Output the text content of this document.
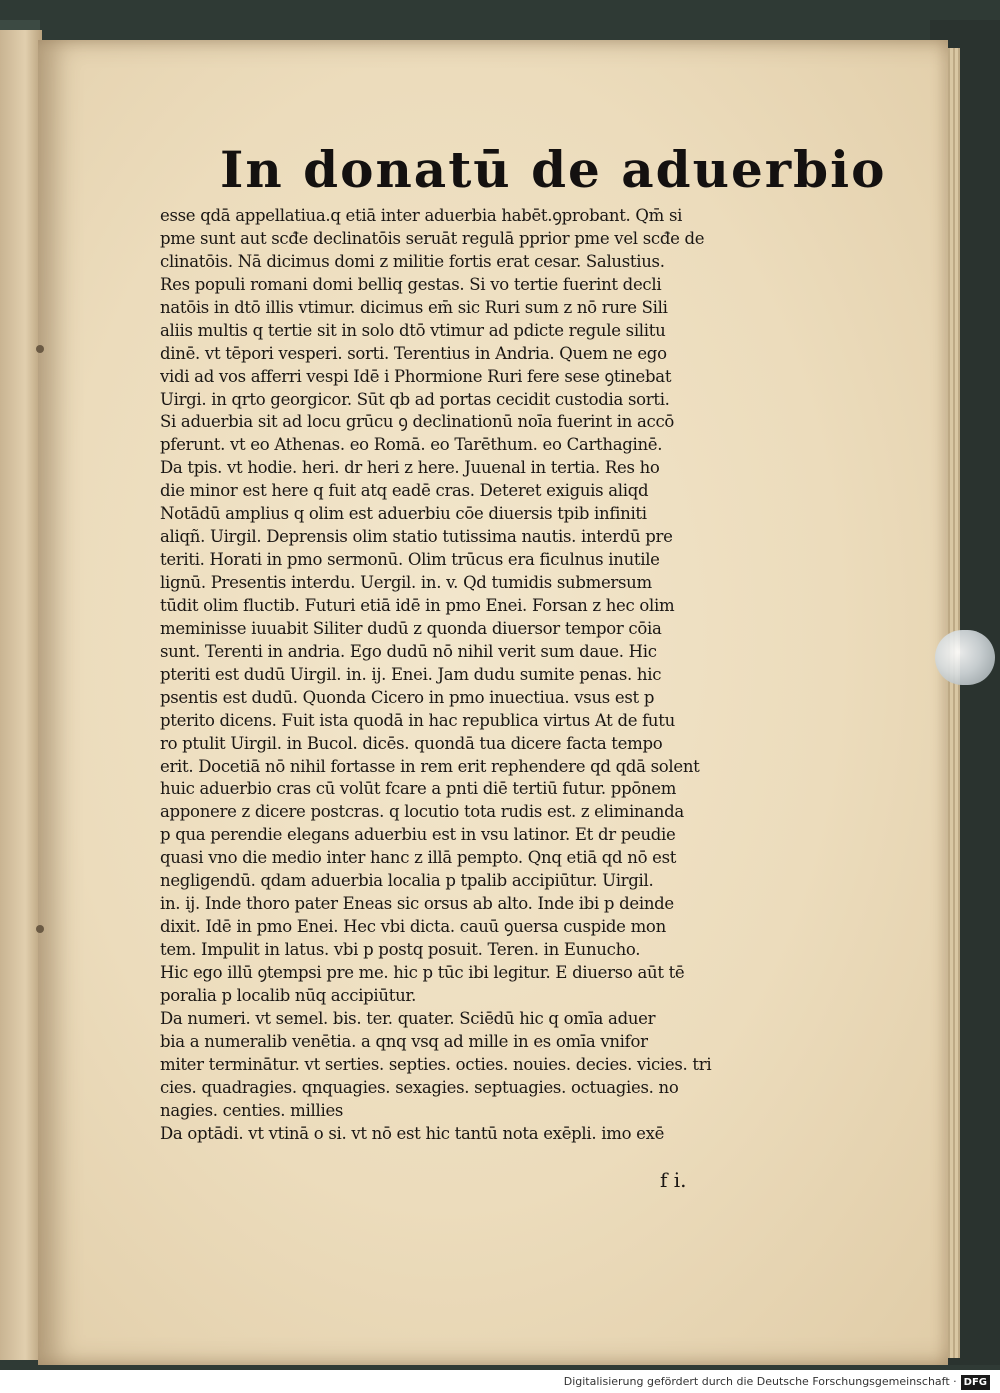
In donatū de aduerbio
esse qdā appellatiua.q etiā inter aduerbia habēt.ꝯprobant. Qm̄ si
pme sunt aut scđe declinatōis seruāt regulā pprior pme vel scđe de
clinatōis. Nā dicimus domi z militie fortis erat cesar. Salustius.
Res populi romani domi belliq gestas. Si vo tertie fuerint decli
natōis in dtō illis vtimur. dicimus em̄ sic Ruri sum z nō rure Sili
aliis multis q tertie sit in solo dtō vtimur ad pdicte regule silitu
dinē. vt tēpori vesperi. sorti. Terentius in Andria. Quem ne ego
vidi ad vos afferri vespi Idē i Phormione Ruri fere sese ꝯtinebat
Uirgi. in qrto georgicor. Sūt qb ad portas cecidit custodia sorti.
Si aduerbia sit ad locu grūcu ꝯ declinationū noīa fuerint in accō
pferunt. vt eo Athenas. eo Romā. eo Tarēthum. eo Carthaginē.
Da tpis. vt hodie. heri. dr heri z here. Juuenal in tertia. Res ho
die minor est here q fuit atq eadē cras. Deteret exiguis aliqd
Notādū amplius q olim est aduerbiu cōe diuersis tpib infiniti
aliqñ. Uirgil. Deprensis olim statio tutissima nautis. interdū pre
teriti. Horati in pmo sermonū. Olim trūcus era ficulnus inutile
lignū. Presentis interdu. Uergil. in. v. Qd tumidis submersum
tūdit olim fluctib. Futuri etiā idē in pmo Enei. Forsan z hec olim
meminisse iuuabit Siliter dudū z quonda diuersor tempor cōia
sunt. Terenti in andria. Ego dudū nō nihil verit sum daue. Hic
pteriti est dudū Uirgil. in. ij. Enei. Jam dudu sumite penas. hic
psentis est dudū. Quonda Cicero in pmo inuectiua. vsus est p
pterito dicens. Fuit ista quodā in hac republica virtus At de futu
ro ptulit Uirgil. in Bucol. dicēs. quondā tua dicere facta tempo
erit. Docetiā nō nihil fortasse in rem erit rephendere qd qdā solent
huic aduerbio cras cū volūt fcare a pnti diē tertiū futur. ppōnem
apponere z dicere postcras. q locutio tota rudis est. z eliminanda
p qua perendie elegans aduerbiu est in vsu latinor. Et dr peudie
quasi vno die medio inter hanc z illā pempto. Qnq etiā qd nō est
negligendū. qdam aduerbia localia p tpalib accipiūtur. Uirgil.
in. ij. Inde thoro pater Eneas sic orsus ab alto. Inde ibi p deinde
dixit. Idē in pmo Enei. Hec vbi dicta. cauū ꝯuersa cuspide mon
tem. Impulit in latus. vbi p postq posuit. Teren. in Eunucho.
Hic ego illū ꝯtempsi pre me. hic p tūc ibi legitur. E diuerso aūt tē
poralia p localib nūq accipiūtur.
Da numeri. vt semel. bis. ter. quater. Sciēdū hic q omīa aduer
bia a numeralib venētia. a qnq vsq ad mille in es omīa vnifor
miter terminātur. vt serties. septies. octies. nouies. decies. vicies. tri
cies. quadragies. qnquagies. sexagies. septuagies. octuagies. no
nagies. centies. millies
Da optādi. vt vtinā o si. vt nō est hic tantū nota exēpli. imo exē
f i.
Digitalisierung gefördert durch die Deutsche Forschungsgemeinschaft · DFG
